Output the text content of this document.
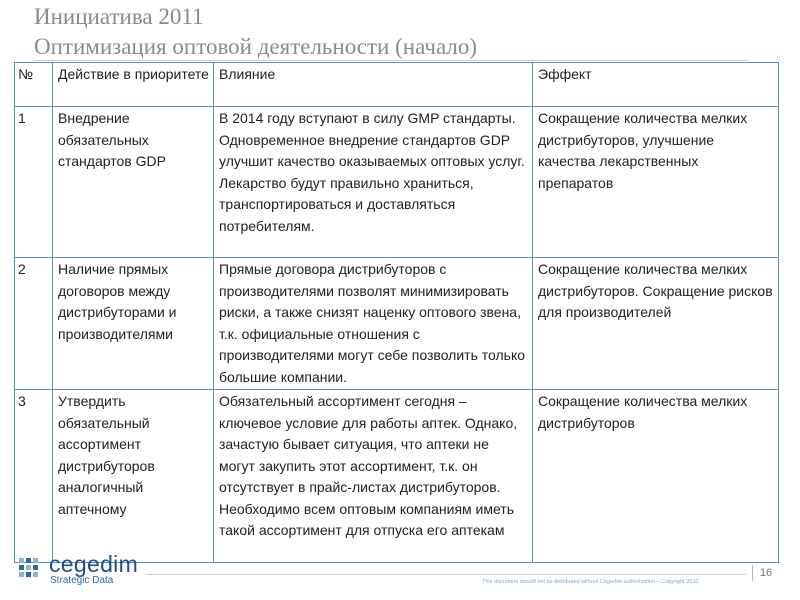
Инициатива 2011
Оптимизация оптовой деятельности (начало)
№	Действие в приоритете	Влияние	Эффект
1	Внедрение обязательных стандартов GDP	В 2014 году вступают в силу GMP стандарты. Одновременное внедрение стандартов GDP улучшит качество оказываемых оптовых услуг. Лекарство будут правильно храниться, транспортироваться и доставляться потребителям.	Сокращение количества мелких дистрибуторов, улучшение качества лекарственных препаратов
2	Наличие прямых договоров между дистрибуторами и производителями	Прямые договора дистрибуторов с производителями позволят минимизировать риски, а также снизят наценку оптового звена, т.к. официальные отношения с производителями могут себе позволить только большие компании.	Сокращение количества мелких дистрибуторов. Сокращение рисков для производителей
3	Утвердить обязательный ассортимент дистрибуторов аналогичный аптечному	Обязательный ассортимент сегодня – ключевое условие для работы аптек. Однако, зачастую бывает ситуация, что аптеки не могут закупить этот ассортимент, т.к. он отсутствует в прайс-листах дистрибуторов. Необходимо всем оптовым компаниям иметь такой ассортимент для отпуска его аптекам	Сокращение количества мелких дистрибуторов
cegedim
Strategic Data	This document should not be distributed without Cegedim authorization – Copyright 2010
16
